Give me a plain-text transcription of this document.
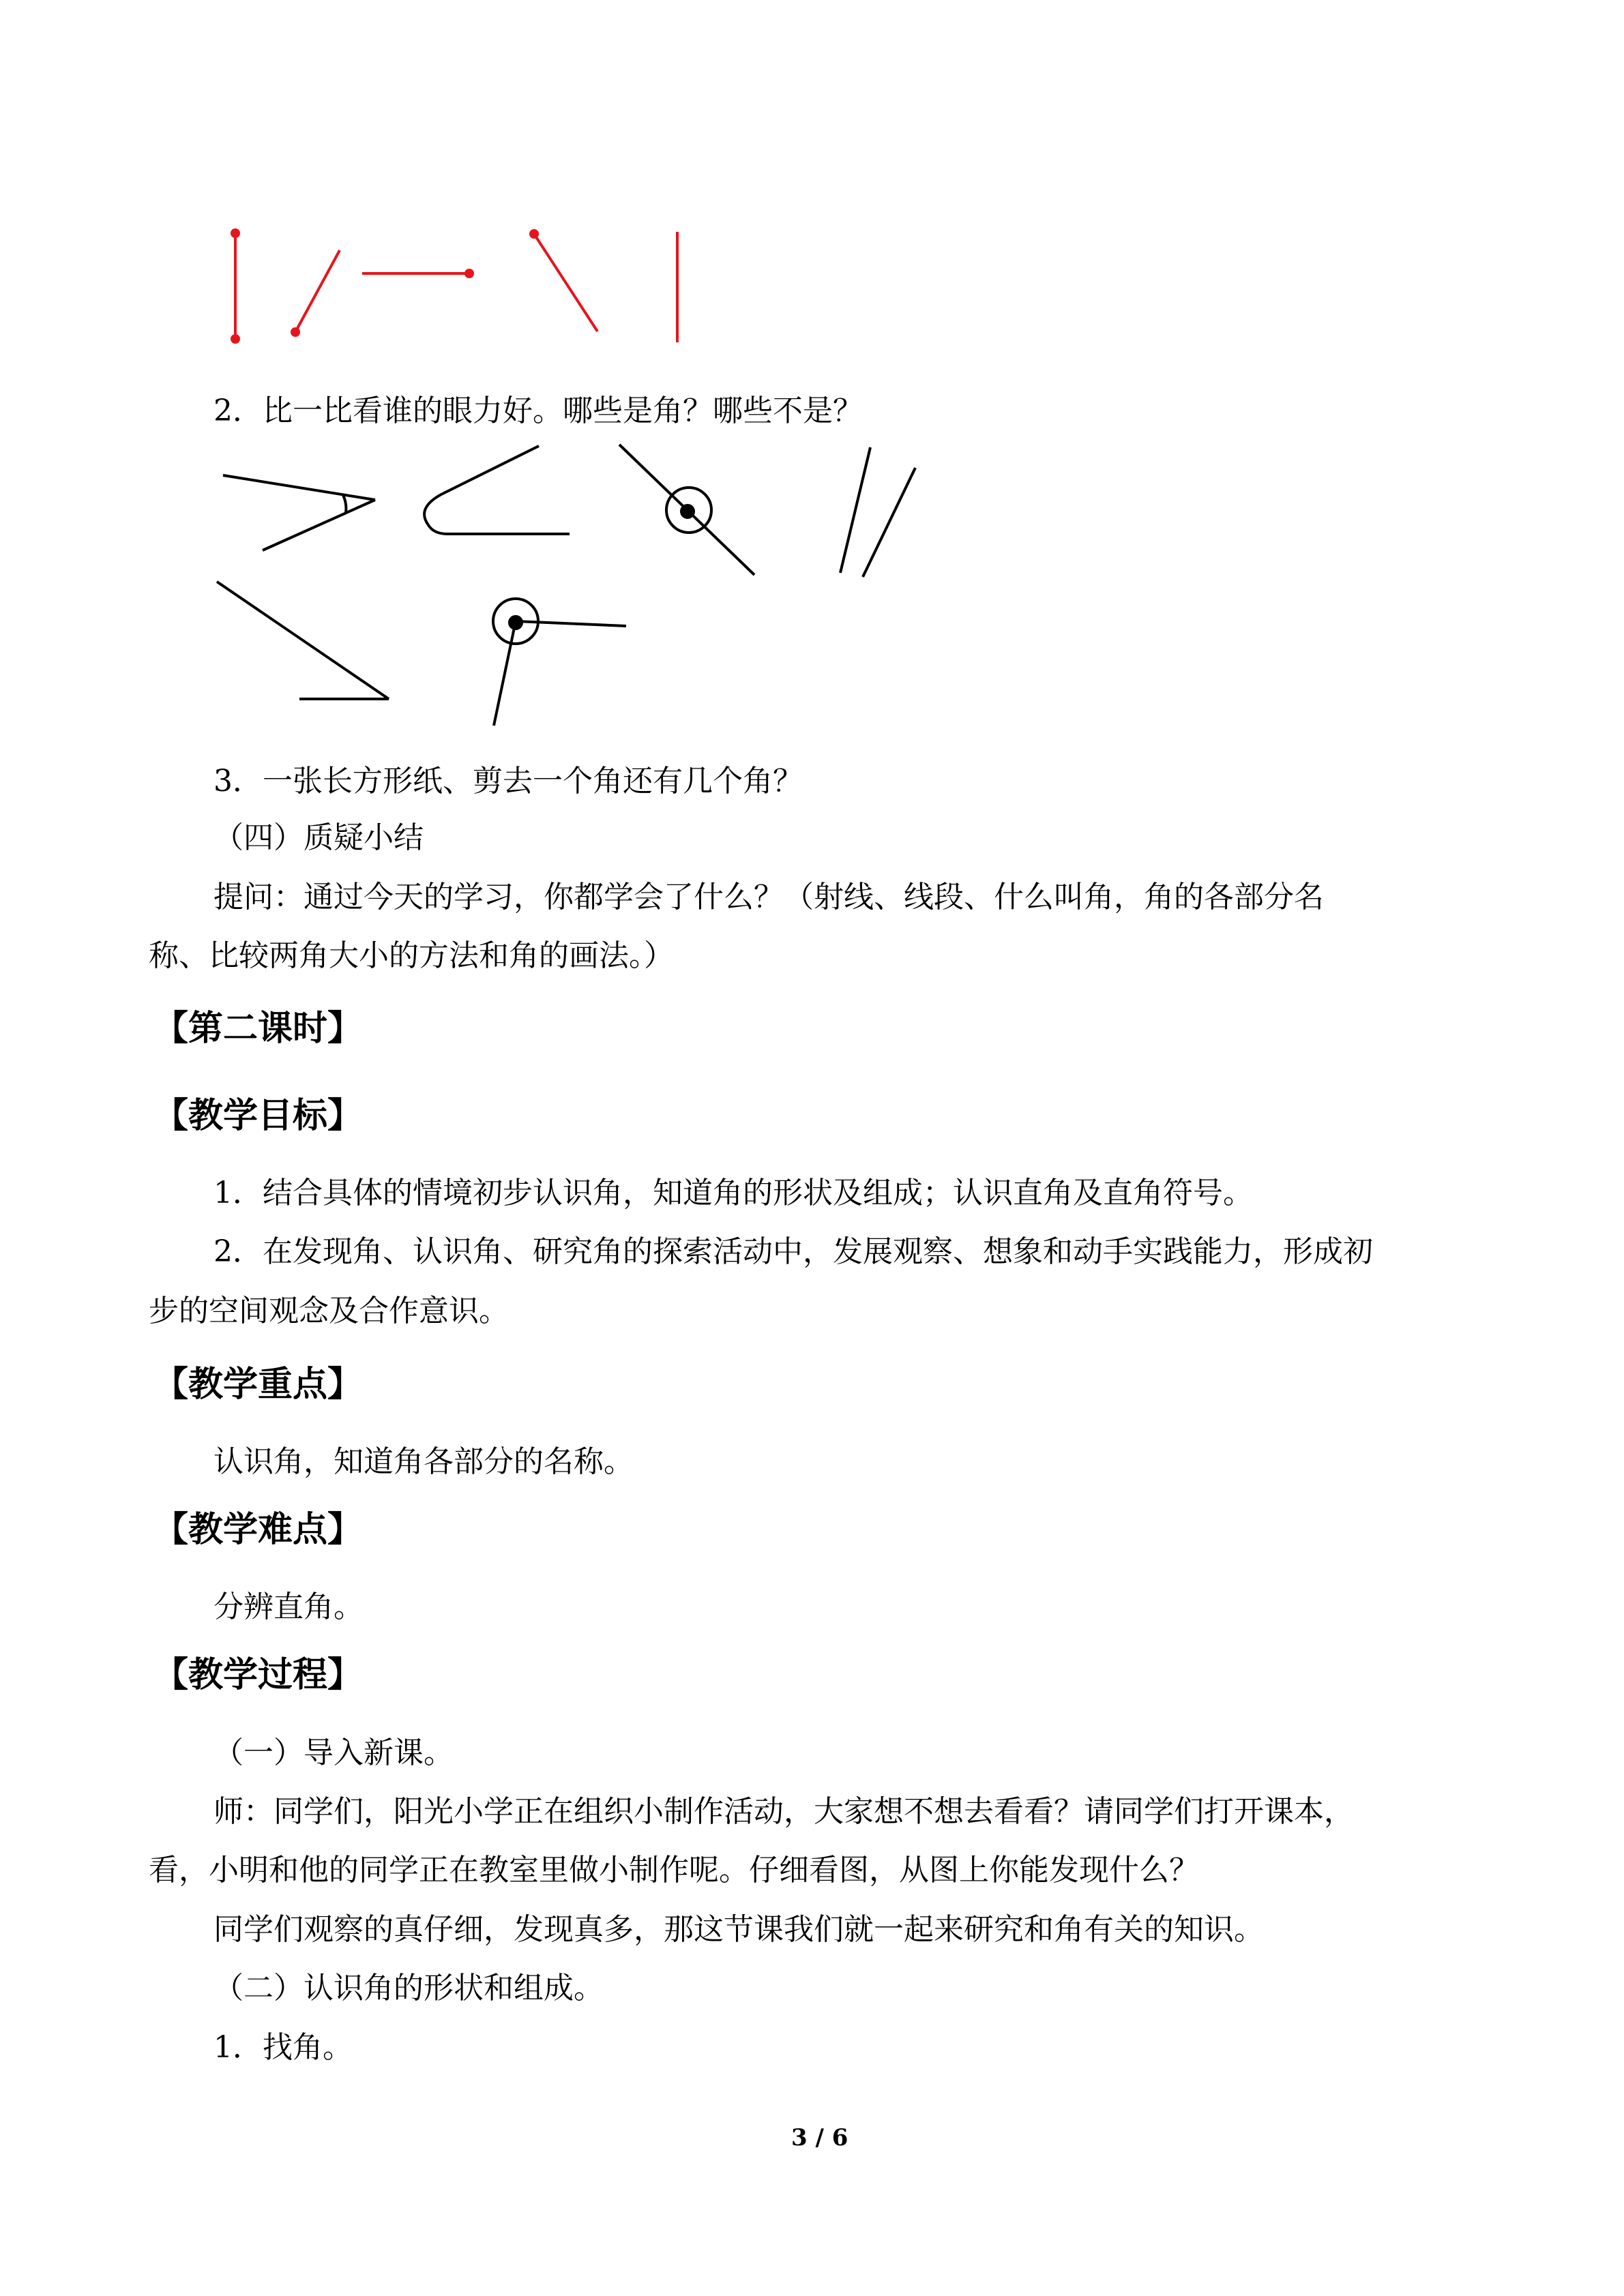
2．比一比看谁的眼力好。哪些是角？哪些不是？
3．一张长方形纸、剪去一个角还有几个角？
（四）质疑小结
提问：通过今天的学习，你都学会了什么？（射线、线段、什么叫角，角的各部分名
称、比较两角大小的方法和角的画法。）
【第二课时】
【教学目标】
1．结合具体的情境初步认识角，知道角的形状及组成；认识直角及直角符号。
2．在发现角、认识角、研究角的探索活动中，发展观察、想象和动手实践能力，形成初
步的空间观念及合作意识。
【教学重点】
认识角，知道角各部分的名称。
【教学难点】
分辨直角。
【教学过程】
（一）导入新课。
师：同学们，阳光小学正在组织小制作活动，大家想不想去看看？请同学们打开课本，
看，小明和他的同学正在教室里做小制作呢。仔细看图，从图上你能发现什么？
同学们观察的真仔细，发现真多，那这节课我们就一起来研究和角有关的知识。
（二）认识角的形状和组成。
1．找角。
3 / 6
